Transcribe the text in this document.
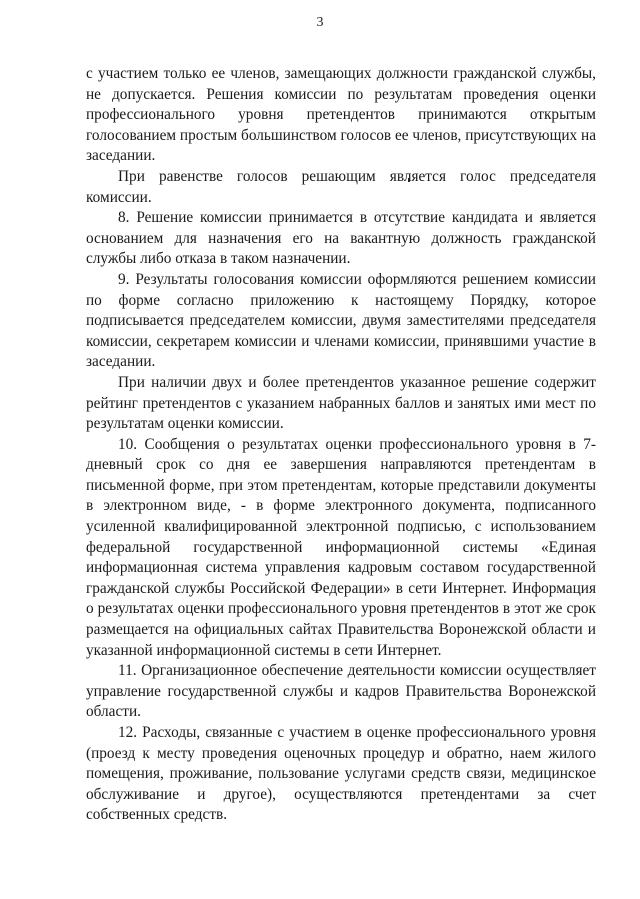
3

с участием только ее членов, замещающих должности гражданской службы, не допускается. Решения комиссии по результатам проведения оценки профессионального уровня претендентов принимаются открытым голосованием простым большинством голосов ее членов, присутствующих на заседании.

При равенстве голосов решающим является голос председателя комиссии.

8. Решение комиссии принимается в отсутствие кандидата и является основанием для назначения его на вакантную должность гражданской службы либо отказа в таком назначении.

9. Результаты голосования комиссии оформляются решением комиссии по форме согласно приложению к настоящему Порядку, которое подписывается председателем комиссии, двумя заместителями председателя комиссии, секретарем комиссии и членами комиссии, принявшими участие в заседании.

При наличии двух и более претендентов указанное решение содержит рейтинг претендентов с указанием набранных баллов и занятых ими мест по результатам оценки комиссии.

10. Сообщения о результатах оценки профессионального уровня в 7-дневный срок со дня ее завершения направляются претендентам в письменной форме, при этом претендентам, которые представили документы в электронном виде, - в форме электронного документа, подписанного усиленной квалифицированной электронной подписью, с использованием федеральной государственной информационной системы «Единая информационная система управления кадровым составом государственной гражданской службы Российской Федерации» в сети Интернет. Информация о результатах оценки профессионального уровня претендентов в этот же срок размещается на официальных сайтах Правительства Воронежской области и указанной информационной системы в сети Интернет.

11. Организационное обеспечение деятельности комиссии осуществляет управление государственной службы и кадров Правительства Воронежской области.

12. Расходы, связанные с участием в оценке профессионального уровня (проезд к месту проведения оценочных процедур и обратно, наем жилого помещения, проживание, пользование услугами средств связи, медицинское обслуживание и другое), осуществляются претендентами за счет собственных средств.
